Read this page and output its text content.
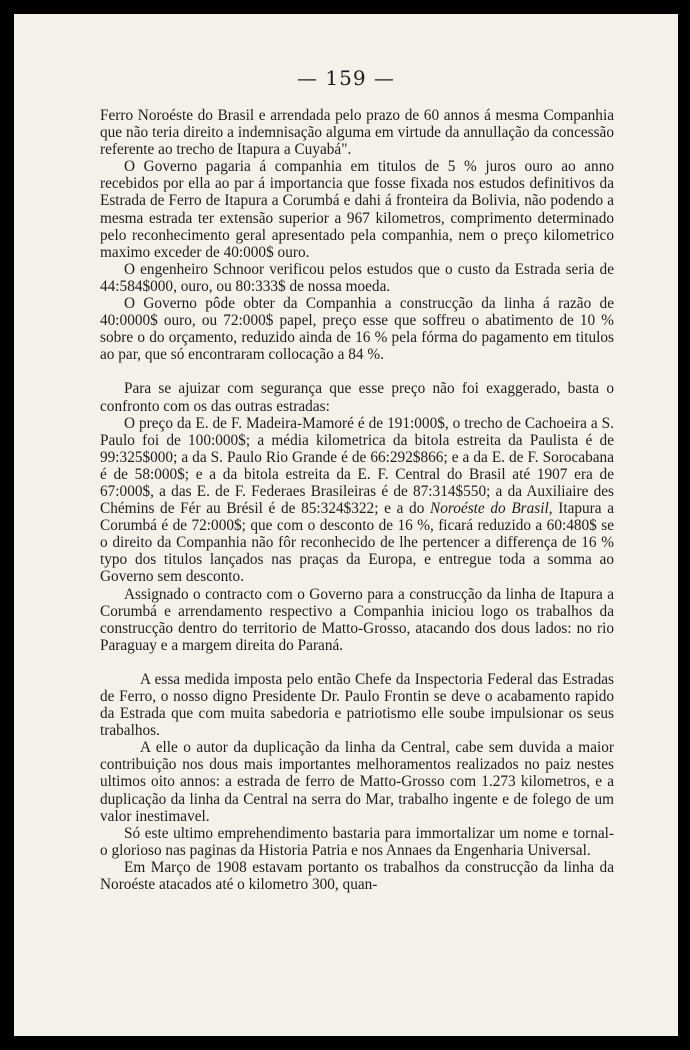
— 159 —

Ferro Noroéste do Brasil e arrendada pelo prazo de 60 annos á mesma Companhia que não teria direito a indemnisação alguma em virtude da annullação da concessão referente ao trecho de Itapura a Cuyabá".

O Governo pagaria á companhia em titulos de 5 % juros ouro ao anno recebidos por ella ao par á importancia que fosse fixada nos estudos definitivos da Estrada de Ferro de Itapura a Corumbá e dahi á fronteira da Bolivia, não podendo a mesma estrada ter extensão superior a 967 kilometros, comprimento determinado pelo reconhecimento geral apresentado pela companhia, nem o preço kilometrico maximo exceder de 40:000$ ouro.

O engenheiro Schnoor verificou pelos estudos que o custo da Estrada seria de 44:584$000, ouro, ou 80:333$ de nossa moeda.

O Governo pôde obter da Companhia a construcção da linha á razão de 40:0000$ ouro, ou 72:000$ papel, preço esse que soffreu o abatimento de 10 % sobre o do orçamento, reduzido ainda de 16 % pela fórma do pagamento em titulos ao par, que só encontraram collocação a 84 %.

Para se ajuizar com segurança que esse preço não foi exaggerado, basta o confronto com os das outras estradas:

O preço da E. de F. Madeira-Mamoré é de 191:000$, o trecho de Cachoeira a S. Paulo foi de 100:000$; a média kilometrica da bitola estreita da Paulista é de 99:325$000; a da S. Paulo Rio Grande é de 66:292$866; e a da E. de F. Sorocabana é de 58:000$; e a da bitola estreita da E. F. Central do Brasil até 1907 era de 67:000$, a das E. de F. Federaes Brasileiras é de 87:314$550; a da Auxiliaire des Chémins de Fér au Brésil é de 85:324$322; e a do Noroéste do Brasil, Itapura a Corumbá é de 72:000$; que com o desconto de 16 %, ficará reduzido a 60:480$ se o direito da Companhia não fôr reconhecido de lhe pertencer a differença de 16 % typo dos titulos lançados nas praças da Europa, e entregue toda a somma ao Governo sem desconto.

Assignado o contracto com o Governo para a construcção da linha de Itapura a Corumbá e arrendamento respectivo a Companhia iniciou logo os trabalhos da construcção dentro do territorio de Matto-Grosso, atacando dos dous lados: no rio Paraguay e a margem direita do Paraná.

A essa medida imposta pelo então Chefe da Inspectoria Federal das Estradas de Ferro, o nosso digno Presidente Dr. Paulo Frontin se deve o acabamento rapido da Estrada que com muita sabedoria e patriotismo elle soube impulsionar os seus trabalhos.

A elle o autor da duplicação da linha da Central, cabe sem duvida a maior contribuição nos dous mais importantes melhoramentos realizados no paiz nestes ultimos oito annos: a estrada de ferro de Matto-Grosso com 1.273 kilometros, e a duplicação da linha da Central na serra do Mar, trabalho ingente e de folego de um valor inestimavel.

Só este ultimo emprehendimento bastaria para immortalizar um nome e tornal-o glorioso nas paginas da Historia Patria e nos Annaes da Engenharia Universal.

Em Março de 1908 estavam portanto os trabalhos da construcção da linha da Noroéste atacados até o kilometro 300, quan-
